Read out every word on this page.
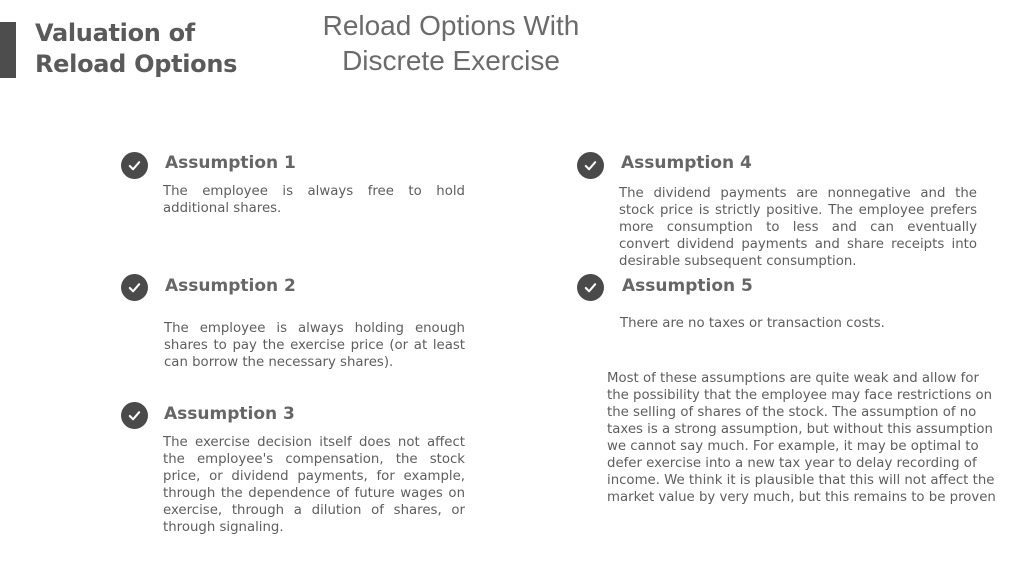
Valuation of
Reload Options
Reload Options With
Discrete Exercise
Assumption 1
The employee is always free to hold additional shares.
Assumption 2
The employee is always holding enough shares to pay the exercise price (or at least can borrow the necessary shares).
Assumption 3
The exercise decision itself does not affect the employee's compensation, the stock price, or dividend payments, for example, through the dependence of future wages on exercise, through a dilution of shares, or through signaling.
Assumption 4
The dividend payments are nonnegative and the stock price is strictly positive. The employee prefers more consumption to less and can eventually convert dividend payments and share receipts into desirable subsequent consumption.
Assumption 5
There are no taxes or transaction costs.
Most of these assumptions are quite weak and allow for the possibility that the employee may face restrictions on the selling of shares of the stock. The assumption of no taxes is a strong assumption, but without this assumption we cannot say much. For example, it may be optimal to defer exercise into a new tax year to delay recording of income. We think it is plausible that this will not affect the market value by very much, but this remains to be proven
